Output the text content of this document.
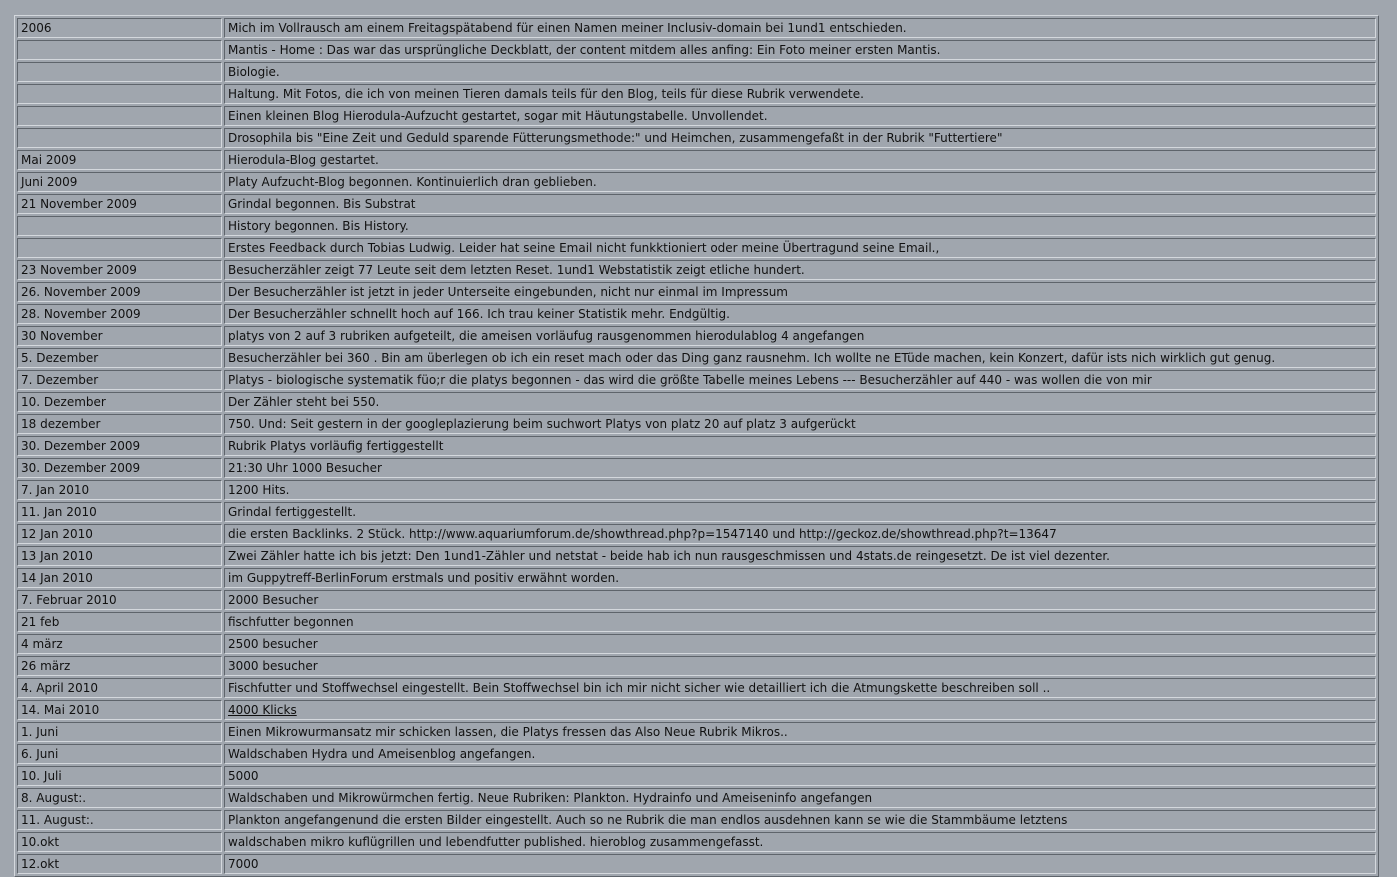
2006	Mich im Vollrausch am einem Freitagspätabend für einen Namen meiner Inclusiv-domain bei 1und1 entschieden.
	Mantis - Home : Das war das ursprüngliche Deckblatt, der content mitdem alles anfing: Ein Foto meiner ersten Mantis.
	Biologie.
	Haltung. Mit Fotos, die ich von meinen Tieren damals teils für den Blog, teils für diese Rubrik verwendete.
	Einen kleinen Blog Hierodula-Aufzucht gestartet, sogar mit Häutungstabelle. Unvollendet.
	Drosophila bis "Eine Zeit und Geduld sparende Fütterungsmethode:" und Heimchen, zusammengefaßt in der Rubrik "Futtertiere"
Mai 2009	Hierodula-Blog gestartet.
Juni 2009	Platy Aufzucht-Blog begonnen. Kontinuierlich dran geblieben.
21 November 2009	Grindal begonnen. Bis Substrat
	History begonnen. Bis History.
	Erstes Feedback durch Tobias Ludwig. Leider hat seine Email nicht funkktioniert oder meine Übertragund seine Email.,
23 November 2009	Besucherzähler zeigt 77 Leute seit dem letzten Reset. 1und1 Webstatistik zeigt etliche hundert.
26. November 2009	Der Besucherzähler ist jetzt in jeder Unterseite eingebunden, nicht nur einmal im Impressum
28. November 2009	Der Besucherzähler schnellt hoch auf 166. Ich trau keiner Statistik mehr. Endgültig.
30 November	platys von 2 auf 3 rubriken aufgeteilt, die ameisen vorläufug rausgenommen hierodulablog 4 angefangen
5. Dezember	Besucherzähler bei 360 . Bin am überlegen ob ich ein reset mach oder das Ding ganz rausnehm. Ich wollte ne ETüde machen, kein Konzert, dafür ists nich wirklich gut genug.
7. Dezember	Platys - biologische systematik füo;r die platys begonnen - das wird die größte Tabelle meines Lebens --- Besucherzähler auf 440 - was wollen die von mir
10. Dezember	Der Zähler steht bei 550.
18 dezember	750. Und: Seit gestern in der googleplazierung beim suchwort Platys von platz 20 auf platz 3 aufgerückt
30. Dezember 2009	Rubrik Platys vorläufig fertiggestellt
30. Dezember 2009	21:30 Uhr 1000 Besucher
7. Jan 2010	1200 Hits.
11. Jan 2010	Grindal fertiggestellt.
12 Jan 2010	die ersten Backlinks. 2 Stück. http://www.aquariumforum.de/showthread.php?p=1547140 und http://geckoz.de/showthread.php?t=13647
13 Jan 2010	Zwei Zähler hatte ich bis jetzt: Den 1und1-Zähler und netstat - beide hab ich nun rausgeschmissen und 4stats.de reingesetzt. De ist viel dezenter.
14 Jan 2010	im Guppytreff-BerlinForum erstmals und positiv erwähnt worden.
7. Februar 2010	2000 Besucher
21 feb	fischfutter begonnen
4 märz	2500 besucher
26 märz	3000 besucher
4. April 2010	Fischfutter und Stoffwechsel eingestellt. Bein Stoffwechsel bin ich mir nicht sicher wie detailliert ich die Atmungskette beschreiben soll ..
14. Mai 2010	4000 Klicks
1. Juni	Einen Mikrowurmansatz mir schicken lassen, die Platys fressen das Also Neue Rubrik Mikros..
6. Juni	Waldschaben Hydra und Ameisenblog angefangen.
10. Juli	5000
8. August:.	Waldschaben und Mikrowürmchen fertig. Neue Rubriken: Plankton. Hydrainfo und Ameiseninfo angefangen
11. August:.	Plankton angefangenund die ersten Bilder eingestellt. Auch so ne Rubrik die man endlos ausdehnen kann se wie die Stammbäume letztens
10.okt	waldschaben mikro kuflügrillen und lebendfutter published. hieroblog zusammengefasst.
12.okt	7000
